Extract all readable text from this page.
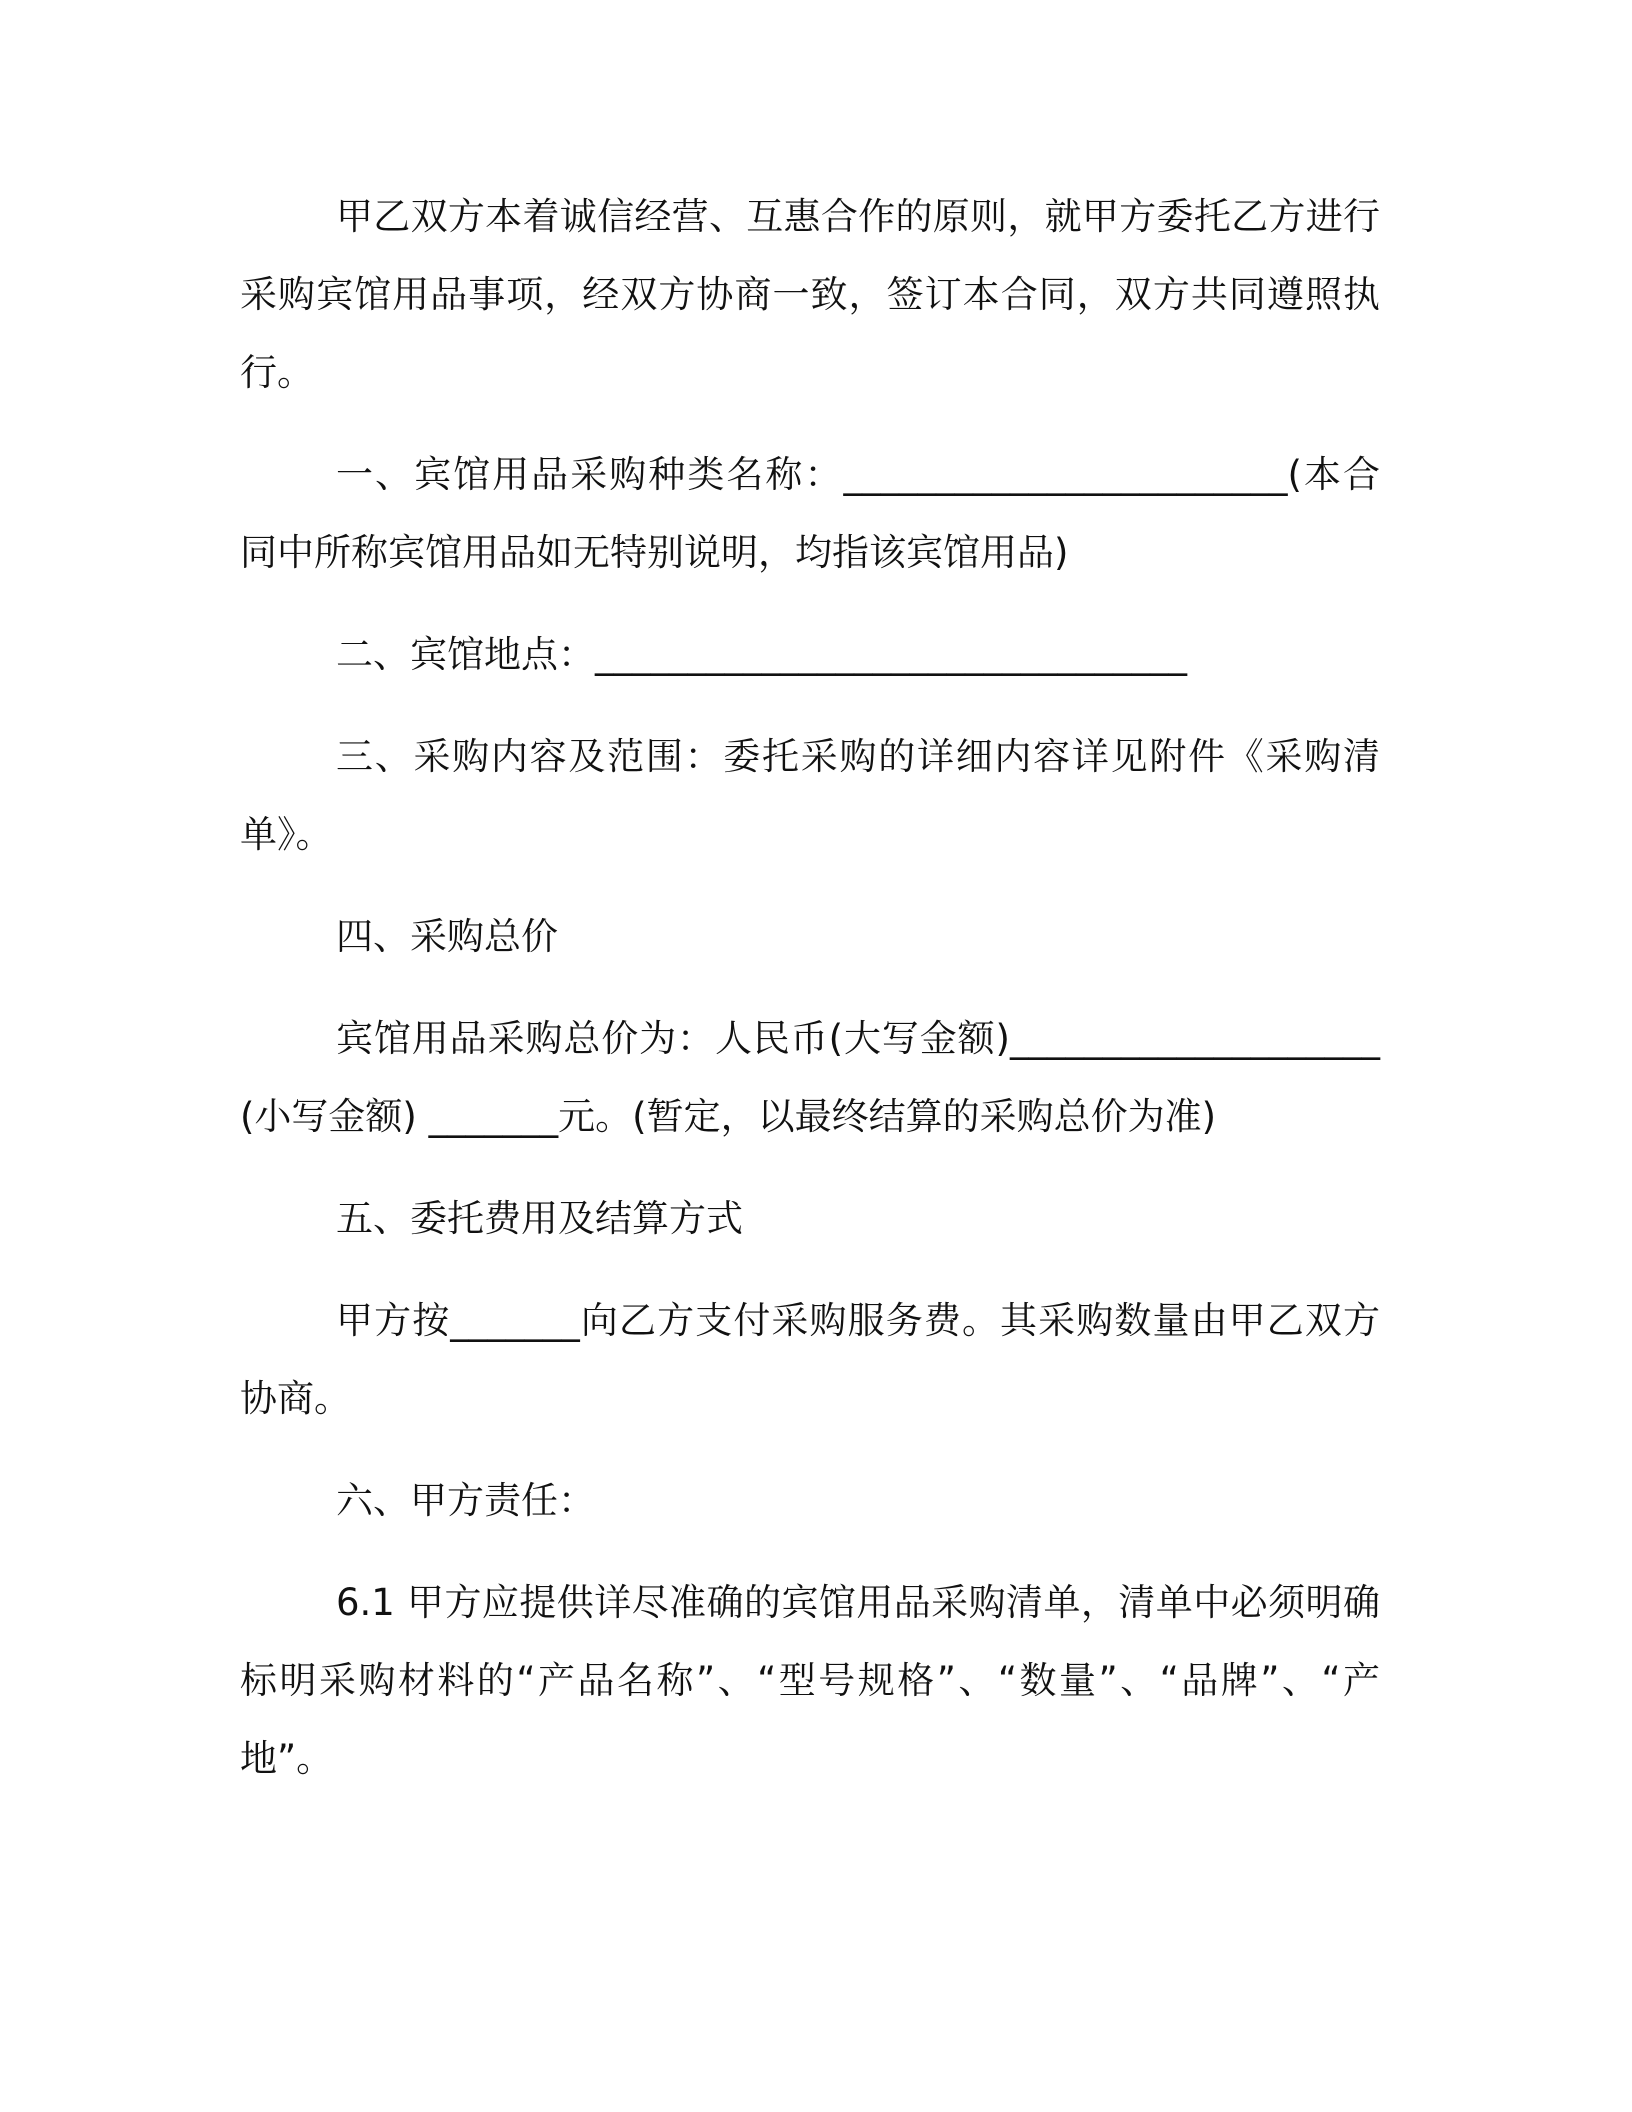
甲乙双方本着诚信经营、互惠合作的原则，就甲方委托乙方进行采购宾馆用品事项，经双方协商一致，签订本合同，双方共同遵照执行。

一、宾馆用品采购种类名称：________________________(本合同中所称宾馆用品如无特别说明，均指该宾馆用品)

二、宾馆地点：________________________________

三、采购内容及范围：委托采购的详细内容详见附件《采购清单》。

四、采购总价

宾馆用品采购总价为：人民币(大写金额)____________________(小写金额) _______元。(暂定，以最终结算的采购总价为准)

五、委托费用及结算方式

甲方按_______向乙方支付采购服务费。其采购数量由甲乙双方协商。

六、甲方责任：

6.1 甲方应提供详尽准确的宾馆用品采购清单，清单中必须明确标明采购材料的“产品名称”、“型号规格”、“数量”、“品牌”、“产地”。
